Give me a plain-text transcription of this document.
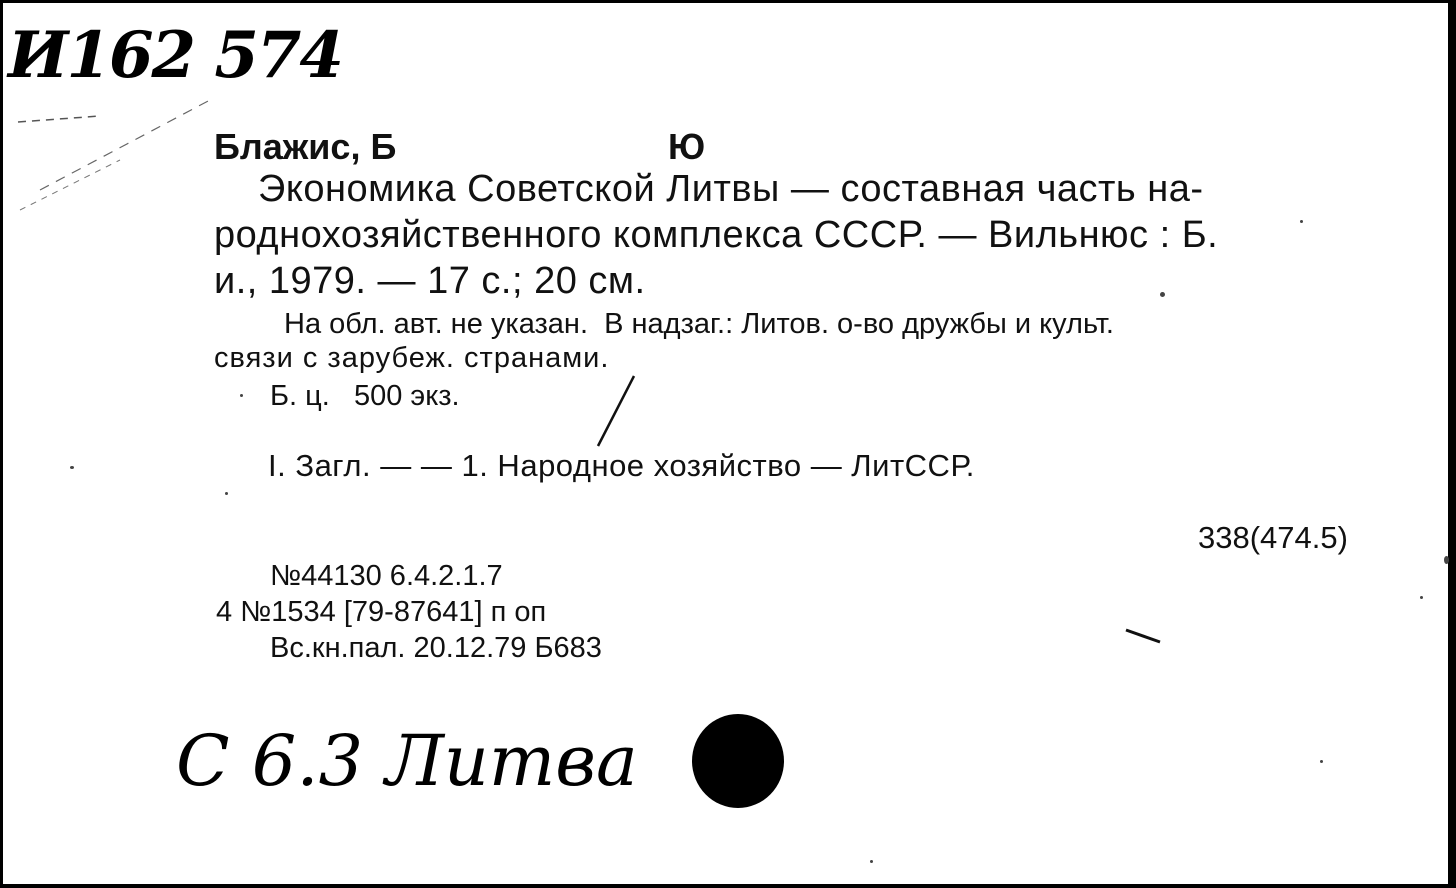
И162 574
Блажис, Б	Ю
Экономика Советской Литвы — составная часть на-
роднохозяйственного комплекса СССР. — Вильнюс : Б.
и., 1979. — 17 с.; 20 см.
На обл. авт. не указан.  В надзаг.: Литов. о-во дружбы и культ.
связи с зарубеж. странами.
Б. ц.   500 экз.
I. Загл. — — 1. Народное хозяйство — ЛитССР.
338(474.5)
№44130 6.4.2.1.7
4 №1534 [79-87641] п оп
Вс.кн.пал. 20.12.79 Б683
С 6.3 Литва
